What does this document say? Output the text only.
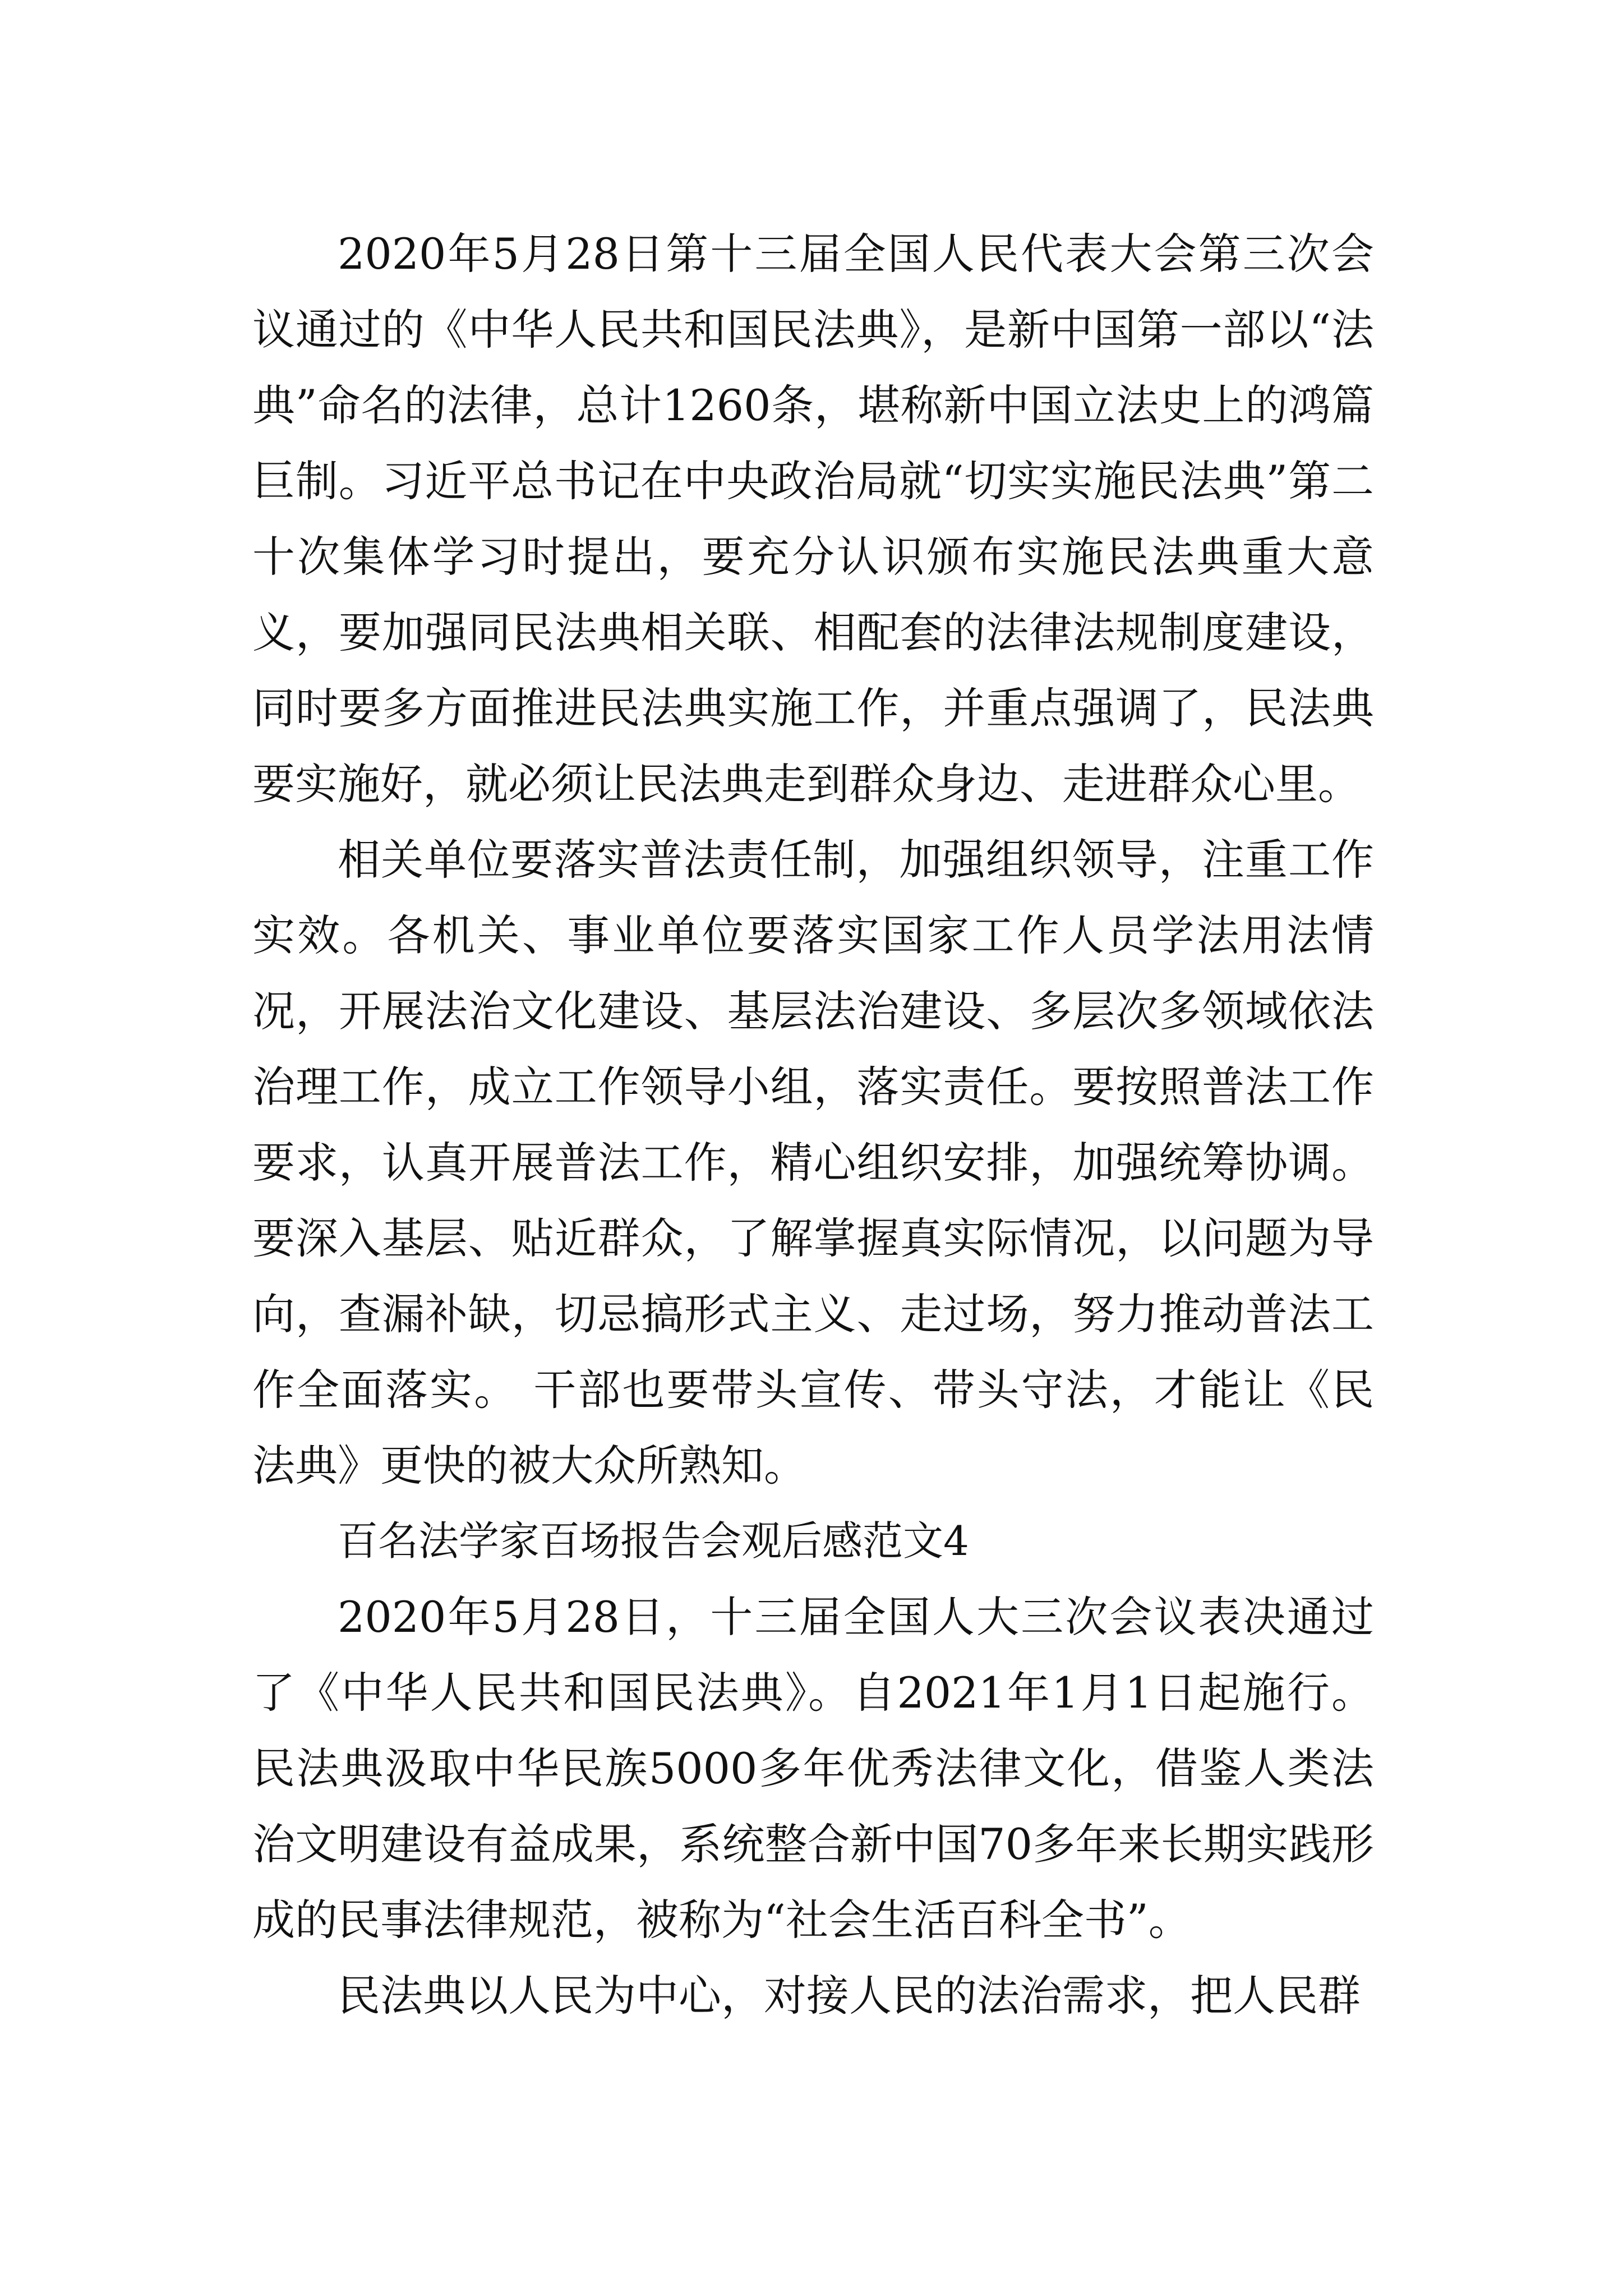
2020年5月28日第十三届全国人民代表大会第三次会议通过的《中华人民共和国民法典》，是新中国第一部以“法典”命名的法律，总计1260条，堪称新中国立法史上的鸿篇巨制。习近平总书记在中央政治局就“切实实施民法典”第二十次集体学习时提出，要充分认识颁布实施民法典重大意义，要加强同民法典相关联、相配套的法律法规制度建设，同时要多方面推进民法典实施工作，并重点强调了，民法典要实施好，就必须让民法典走到群众身边、走进群众心里。

相关单位要落实普法责任制，加强组织领导，注重工作实效。各机关、事业单位要落实国家工作人员学法用法情况，开展法治文化建设、基层法治建设、多层次多领域依法治理工作，成立工作领导小组，落实责任。要按照普法工作要求，认真开展普法工作，精心组织安排，加强统筹协调。要深入基层、贴近群众，了解掌握真实际情况，以问题为导向，查漏补缺，切忌搞形式主义、走过场，努力推动普法工作全面落实。 干部也要带头宣传、带头守法，才能让《民法典》更快的被大众所熟知。

百名法学家百场报告会观后感范文4

2020年5月28日，十三届全国人大三次会议表决通过了《中华人民共和国民法典》。自2021年1月1日起施行。民法典汲取中华民族5000多年优秀法律文化，借鉴人类法治文明建设有益成果，系统整合新中国70多年来长期实践形成的民事法律规范，被称为“社会生活百科全书”。

民法典以人民为中心，对接人民的法治需求，把人民群
